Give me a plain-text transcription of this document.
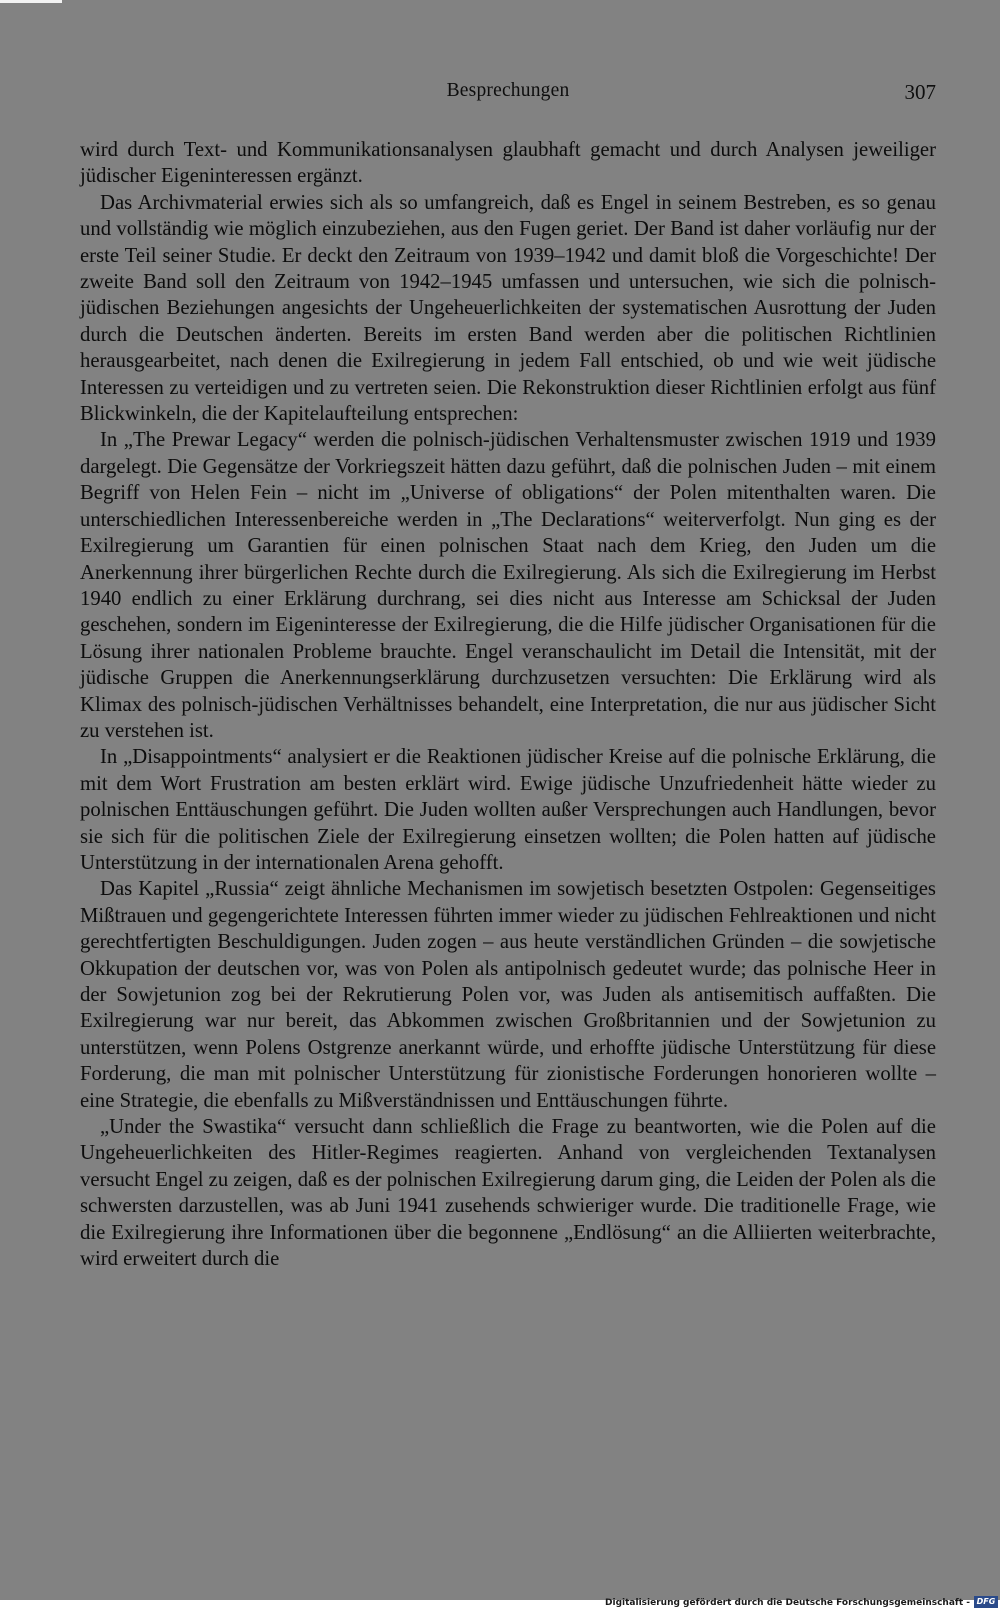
Besprechungen	307

wird durch Text- und Kommunikationsanalysen glaubhaft gemacht und durch Analysen jeweiliger jüdischer Eigeninteressen ergänzt.

Das Archivmaterial erwies sich als so umfangreich, daß es Engel in seinem Bestreben, es so genau und vollständig wie möglich einzubeziehen, aus den Fugen geriet. Der Band ist daher vorläufig nur der erste Teil seiner Studie. Er deckt den Zeitraum von 1939–1942 und damit bloß die Vorgeschichte! Der zweite Band soll den Zeitraum von 1942–1945 umfassen und untersuchen, wie sich die polnisch-jüdischen Beziehungen angesichts der Ungeheuerlichkeiten der systematischen Ausrottung der Juden durch die Deutschen änderten. Bereits im ersten Band werden aber die politischen Richtlinien herausgearbeitet, nach denen die Exilregierung in jedem Fall entschied, ob und wie weit jüdische Interessen zu verteidigen und zu vertreten seien. Die Rekonstruktion dieser Richtlinien erfolgt aus fünf Blickwinkeln, die der Kapitelaufteilung entsprechen:

In „The Prewar Legacy“ werden die polnisch-jüdischen Verhaltensmuster zwischen 1919 und 1939 dargelegt. Die Gegensätze der Vorkriegszeit hätten dazu geführt, daß die polnischen Juden – mit einem Begriff von Helen Fein – nicht im „Universe of obligations“ der Polen mitenthalten waren. Die unterschiedlichen Interessenbereiche werden in „The Declarations“ weiterverfolgt. Nun ging es der Exilregierung um Garantien für einen polnischen Staat nach dem Krieg, den Juden um die Anerkennung ihrer bürgerlichen Rechte durch die Exilregierung. Als sich die Exilregierung im Herbst 1940 endlich zu einer Erklärung durchrang, sei dies nicht aus Interesse am Schicksal der Juden geschehen, sondern im Eigeninteresse der Exilregierung, die die Hilfe jüdischer Organisationen für die Lösung ihrer nationalen Probleme brauchte. Engel veranschaulicht im Detail die Intensität, mit der jüdische Gruppen die Anerkennungserklärung durchzusetzen versuchten: Die Erklärung wird als Klimax des polnisch-jüdischen Verhältnisses behandelt, eine Interpretation, die nur aus jüdischer Sicht zu verstehen ist.

In „Disappointments“ analysiert er die Reaktionen jüdischer Kreise auf die polnische Erklärung, die mit dem Wort Frustration am besten erklärt wird. Ewige jüdische Unzufriedenheit hätte wieder zu polnischen Enttäuschungen geführt. Die Juden wollten außer Versprechungen auch Handlungen, bevor sie sich für die politischen Ziele der Exilregierung einsetzen wollten; die Polen hatten auf jüdische Unterstützung in der internationalen Arena gehofft.

Das Kapitel „Russia“ zeigt ähnliche Mechanismen im sowjetisch besetzten Ostpolen: Gegenseitiges Mißtrauen und gegengerichtete Interessen führten immer wieder zu jüdischen Fehlreaktionen und nicht gerechtfertigten Beschuldigungen. Juden zogen – aus heute verständlichen Gründen – die sowjetische Okkupation der deutschen vor, was von Polen als antipolnisch gedeutet wurde; das polnische Heer in der Sowjetunion zog bei der Rekrutierung Polen vor, was Juden als antisemitisch auffaßten. Die Exilregierung war nur bereit, das Abkommen zwischen Großbritannien und der Sowjetunion zu unterstützen, wenn Polens Ostgrenze anerkannt würde, und erhoffte jüdische Unterstützung für diese Forderung, die man mit polnischer Unterstützung für zionistische Forderungen honorieren wollte – eine Strategie, die ebenfalls zu Mißverständnissen und Enttäuschungen führte.

„Under the Swastika“ versucht dann schließlich die Frage zu beantworten, wie die Polen auf die Ungeheuerlichkeiten des Hitler-Regimes reagierten. Anhand von vergleichenden Textanalysen versucht Engel zu zeigen, daß es der polnischen Exilregierung darum ging, die Leiden der Polen als die schwersten darzustellen, was ab Juni 1941 zusehends schwieriger wurde. Die traditionelle Frage, wie die Exilregierung ihre Informationen über die begonnene „Endlösung“ an die Alliierten weiterbrachte, wird erweitert durch die

Digitalisierung gefördert durch die Deutsche Forschungsgemeinschaft - DFG
